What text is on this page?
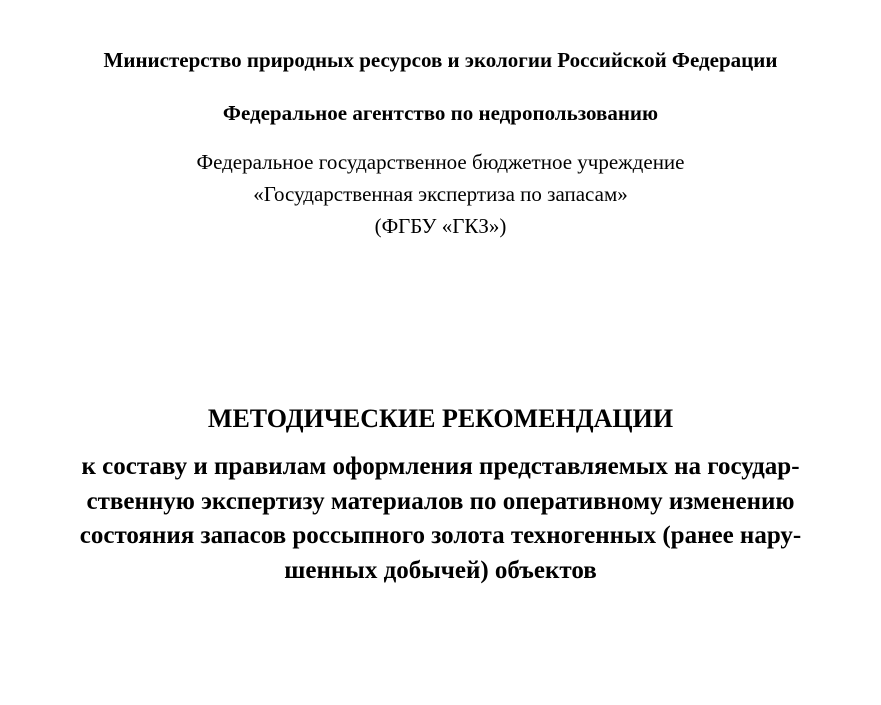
Министерство природных ресурсов и экологии Российской Федерации

Федеральное агентство по недропользованию

Федеральное государственное бюджетное учреждение

«Государственная экспертиза по запасам»

(ФГБУ «ГКЗ»)

МЕТОДИЧЕСКИЕ РЕКОМЕНДАЦИИ
к составу и правилам оформления представляемых на государ-
ственную экспертизу материалов по оперативному изменению
состояния запасов россыпного золота техногенных (ранее нару-
шенных добычей) объектов
